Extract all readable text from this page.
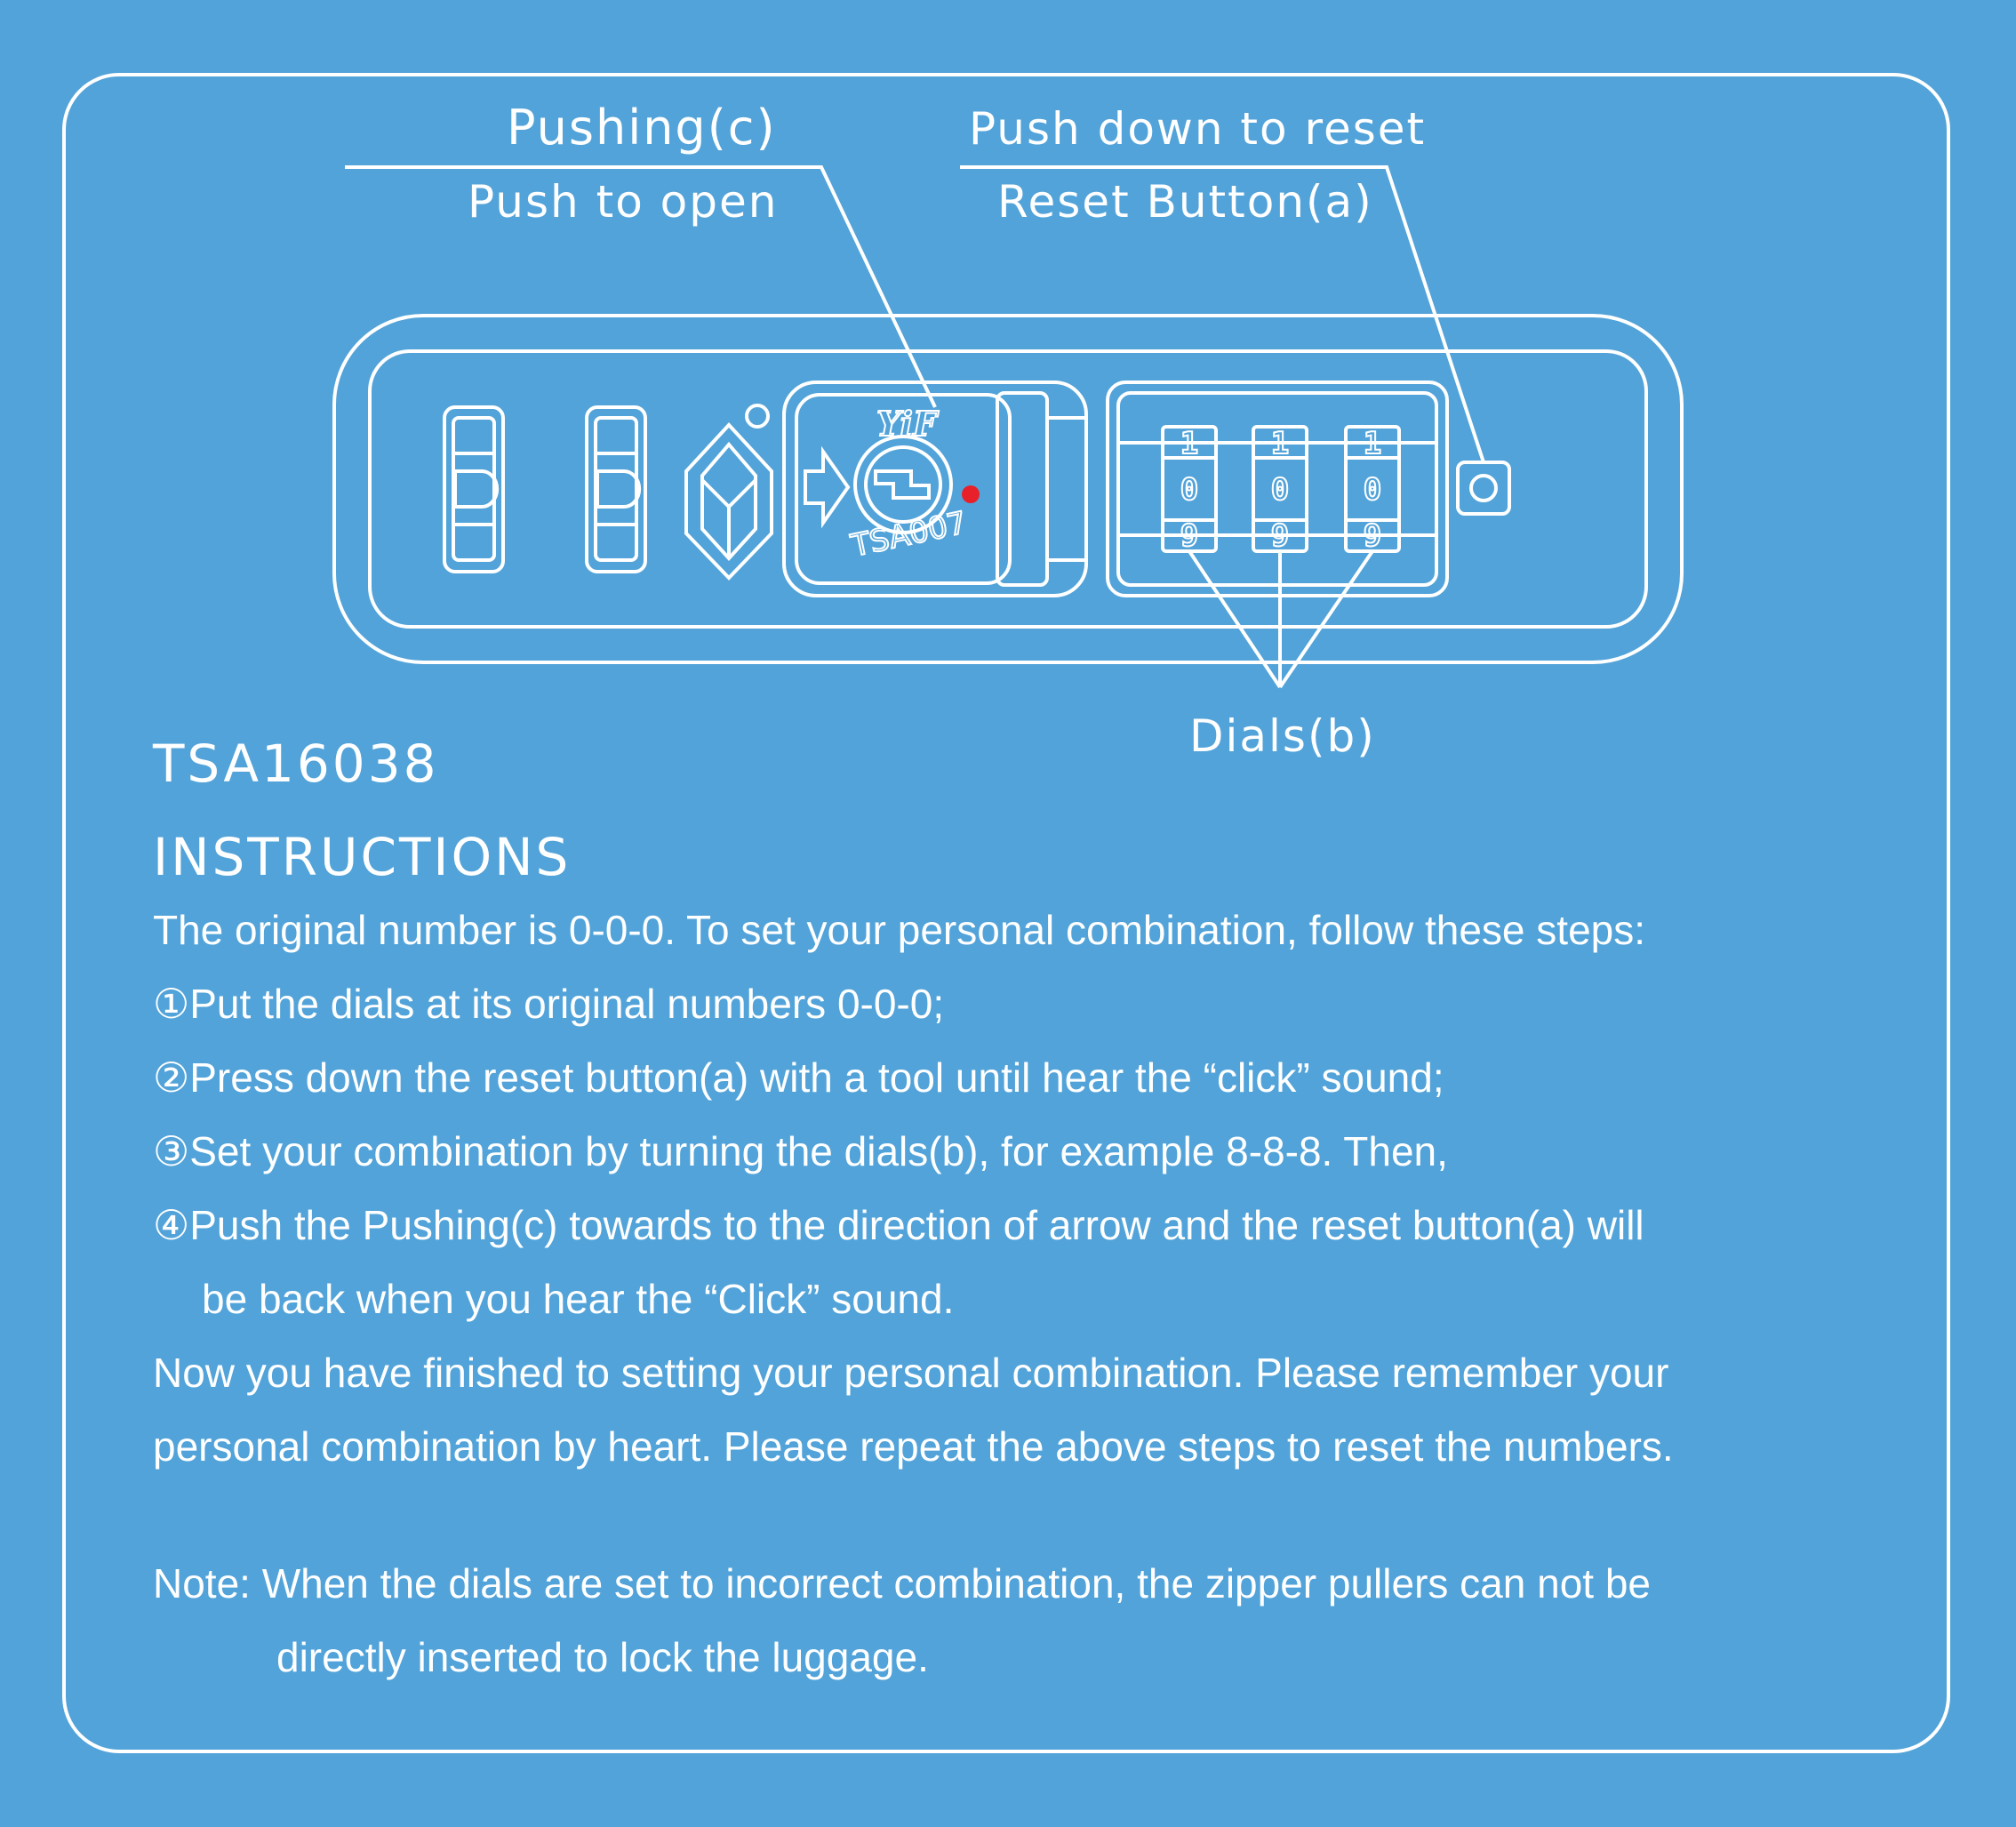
YiF
TSA007
1
0
9
1
0
9
1
0
9
Pushing(c)
Push to open
Push down to reset
Reset Button(a)
Dials(b)
TSA16038
INSTRUCTIONS

The original number is 0-0-0. To set your personal combination, follow these steps:

①Put the dials at its original numbers 0-0-0;

②Press down the reset button(a) with a tool until hear the “click” sound;

③Set your combination by turning the dials(b), for example 8-8-8. Then,

④Push the Pushing(c) towards to the direction of arrow and the reset button(a) will

be back when you hear the “Click” sound.

Now you have finished to setting your personal combination. Please remember your

personal combination by heart. Please repeat the above steps to reset the numbers.

Note: When the dials are set to incorrect combination, the zipper pullers can not be

directly inserted to lock the luggage.
